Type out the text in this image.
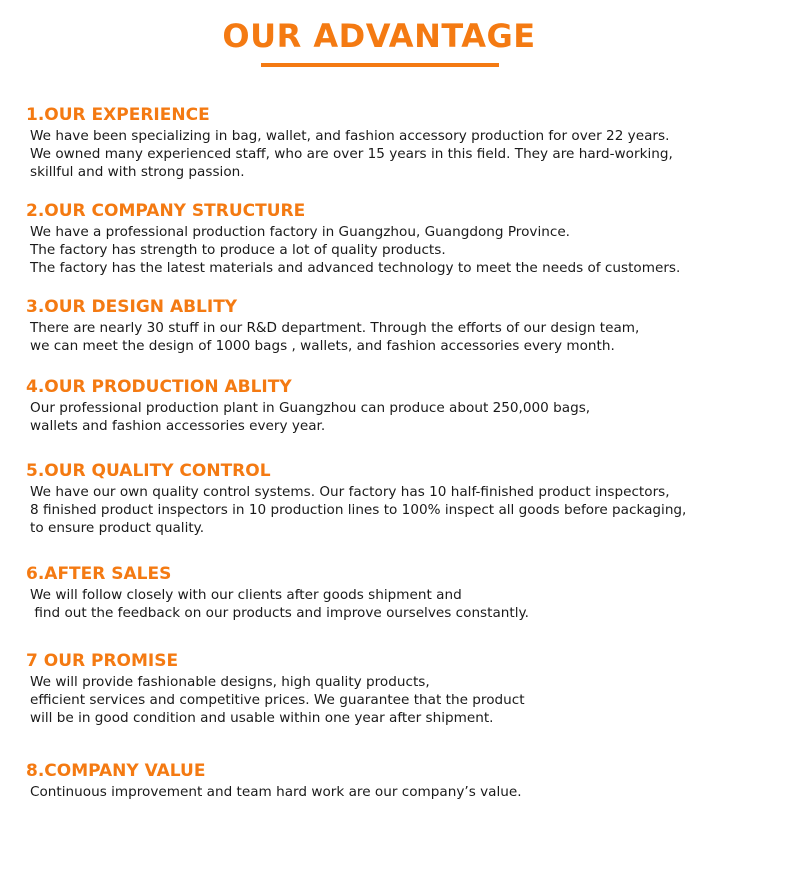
OUR ADVANTAGE
1.OUR EXPERIENCE
We have been specializing in bag, wallet, and fashion accessory production for over 22 years.
We owned many experienced staff, who are over 15 years in this field. They are hard-working,
skillful and with strong passion.
2.OUR COMPANY STRUCTURE
We have a professional production factory in Guangzhou, Guangdong Province.
The factory has strength to produce a lot of quality products.
The factory has the latest materials and advanced technology to meet the needs of customers.
3.OUR DESIGN ABLITY
There are nearly 30 stuff in our R&D department. Through the efforts of our design team,
we can meet the design of 1000 bags , wallets, and fashion accessories every month.
4.OUR PRODUCTION ABLITY
Our professional production plant in Guangzhou can produce about 250,000 bags,
wallets and fashion accessories every year.
5.OUR QUALITY CONTROL
We have our own quality control systems. Our factory has 10 half-finished product inspectors,
8 finished product inspectors in 10 production lines to 100% inspect all goods before packaging,
to ensure product quality.
6.AFTER SALES
We will follow closely with our clients after goods shipment and
find out the feedback on our products and improve ourselves constantly.
7 OUR PROMISE
We will provide fashionable designs, high quality products,
efficient services and competitive prices. We guarantee that the product
will be in good condition and usable within one year after shipment.
8.COMPANY VALUE
Continuous improvement and team hard work are our company’s value.
